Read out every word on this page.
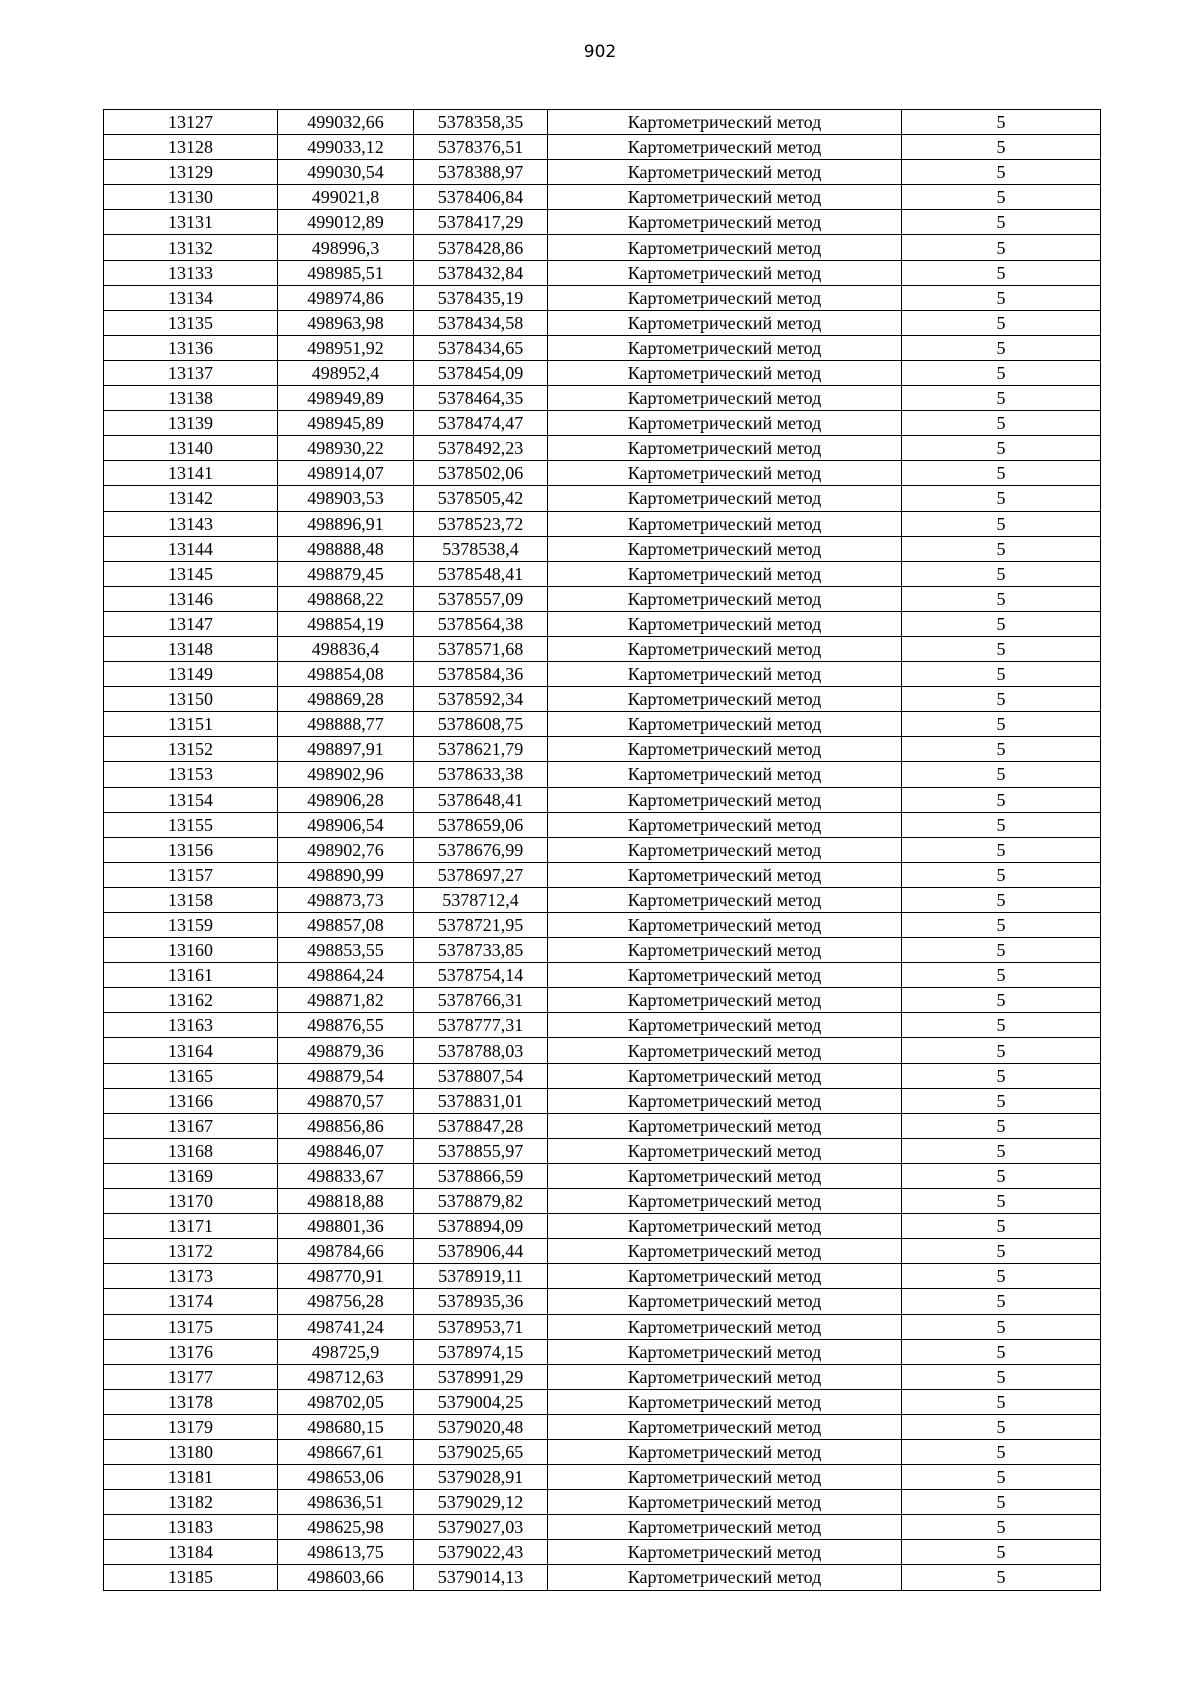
902
13127	499032,66	5378358,35	Картометрический метод	5
13128	499033,12	5378376,51	Картометрический метод	5
13129	499030,54	5378388,97	Картометрический метод	5
13130	499021,8	5378406,84	Картометрический метод	5
13131	499012,89	5378417,29	Картометрический метод	5
13132	498996,3	5378428,86	Картометрический метод	5
13133	498985,51	5378432,84	Картометрический метод	5
13134	498974,86	5378435,19	Картометрический метод	5
13135	498963,98	5378434,58	Картометрический метод	5
13136	498951,92	5378434,65	Картометрический метод	5
13137	498952,4	5378454,09	Картометрический метод	5
13138	498949,89	5378464,35	Картометрический метод	5
13139	498945,89	5378474,47	Картометрический метод	5
13140	498930,22	5378492,23	Картометрический метод	5
13141	498914,07	5378502,06	Картометрический метод	5
13142	498903,53	5378505,42	Картометрический метод	5
13143	498896,91	5378523,72	Картометрический метод	5
13144	498888,48	5378538,4	Картометрический метод	5
13145	498879,45	5378548,41	Картометрический метод	5
13146	498868,22	5378557,09	Картометрический метод	5
13147	498854,19	5378564,38	Картометрический метод	5
13148	498836,4	5378571,68	Картометрический метод	5
13149	498854,08	5378584,36	Картометрический метод	5
13150	498869,28	5378592,34	Картометрический метод	5
13151	498888,77	5378608,75	Картометрический метод	5
13152	498897,91	5378621,79	Картометрический метод	5
13153	498902,96	5378633,38	Картометрический метод	5
13154	498906,28	5378648,41	Картометрический метод	5
13155	498906,54	5378659,06	Картометрический метод	5
13156	498902,76	5378676,99	Картометрический метод	5
13157	498890,99	5378697,27	Картометрический метод	5
13158	498873,73	5378712,4	Картометрический метод	5
13159	498857,08	5378721,95	Картометрический метод	5
13160	498853,55	5378733,85	Картометрический метод	5
13161	498864,24	5378754,14	Картометрический метод	5
13162	498871,82	5378766,31	Картометрический метод	5
13163	498876,55	5378777,31	Картометрический метод	5
13164	498879,36	5378788,03	Картометрический метод	5
13165	498879,54	5378807,54	Картометрический метод	5
13166	498870,57	5378831,01	Картометрический метод	5
13167	498856,86	5378847,28	Картометрический метод	5
13168	498846,07	5378855,97	Картометрический метод	5
13169	498833,67	5378866,59	Картометрический метод	5
13170	498818,88	5378879,82	Картометрический метод	5
13171	498801,36	5378894,09	Картометрический метод	5
13172	498784,66	5378906,44	Картометрический метод	5
13173	498770,91	5378919,11	Картометрический метод	5
13174	498756,28	5378935,36	Картометрический метод	5
13175	498741,24	5378953,71	Картометрический метод	5
13176	498725,9	5378974,15	Картометрический метод	5
13177	498712,63	5378991,29	Картометрический метод	5
13178	498702,05	5379004,25	Картометрический метод	5
13179	498680,15	5379020,48	Картометрический метод	5
13180	498667,61	5379025,65	Картометрический метод	5
13181	498653,06	5379028,91	Картометрический метод	5
13182	498636,51	5379029,12	Картометрический метод	5
13183	498625,98	5379027,03	Картометрический метод	5
13184	498613,75	5379022,43	Картометрический метод	5
13185	498603,66	5379014,13	Картометрический метод	5
